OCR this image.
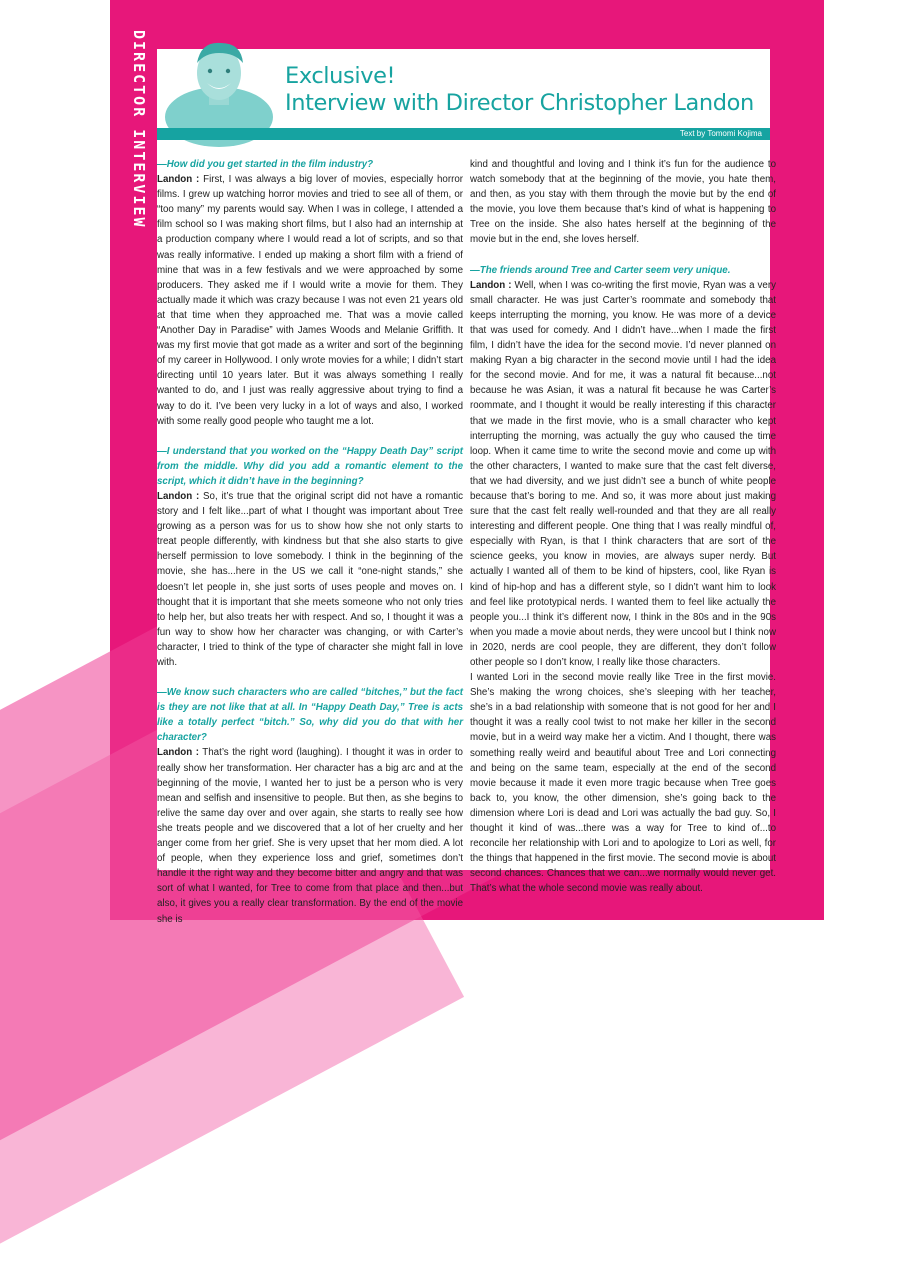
DIRECTOR INTERVIEW	Exclusive!
Interview with Director Christopher Landon
Text by Tomomi Kojima

—How did you get started in the film industry?

Landon : First, I was always a big lover of movies, especially horror films. I grew up watching horror movies and tried to see all of them, or “too many” my parents would say. When I was in college, I attended a film school so I was making short films, but I also had an internship at a production company where I would read a lot of scripts, and so that was really informative. I ended up making a short film with a friend of mine that was in a few festivals and we were approached by some producers. They asked me if I would write a movie for them. They actually made it which was crazy because I was not even 21 years old at that time when they approached me. That was a movie called “Another Day in Paradise” with James Woods and Melanie Griffith. It was my first movie that got made as a writer and sort of the beginning of my career in Hollywood. I only wrote movies for a while; I didn’t start directing until 10 years later. But it was always something I really wanted to do, and I just was really aggressive about trying to find a way to do it. I’ve been very lucky in a lot of ways and also, I worked with some really good people who taught me a lot.

—I understand that you worked on the “Happy Death Day” script from the middle. Why did you add a romantic element to the script, which it didn’t have in the beginning?

Landon : So, it’s true that the original script did not have a romantic story and I felt like...part of what I thought was important about Tree growing as a person was for us to show how she not only starts to treat people differently, with kindness but that she also starts to give herself permission to love somebody. I think in the beginning of the movie, she has...here in the US we call it “one-night stands,” she doesn’t let people in, she just sorts of uses people and moves on. I thought that it is important that she meets someone who not only tries to help her, but also treats her with respect. And so, I thought it was a fun way to show how her character was changing, or with Carter’s character, I tried to think of the type of character she might fall in love with.

—We know such characters who are called “bitches,” but the fact is they are not like that at all. In “Happy Death Day,” Tree is acts like a totally perfect “bitch.” So, why did you do that with her character?

Landon : That’s the right word (laughing). I thought it was in order to really show her transformation. Her character has a big arc and at the beginning of the movie, I wanted her to just be a person who is very mean and selfish and insensitive to people. But then, as she begins to relive the same day over and over again, she starts to really see how she treats people and we discovered that a lot of her cruelty and her anger come from her grief. She is very upset that her mom died. A lot of people, when they experience loss and grief, sometimes don’t handle it the right way and they become bitter and angry and that was sort of what I wanted, for Tree to come from that place and then...but also, it gives you a really clear transformation. By the end of the movie she is

kind and thoughtful and loving and I think it’s fun for the audience to watch somebody that at the beginning of the movie, you hate them, and then, as you stay with them through the movie but by the end of the movie, you love them because that’s kind of what is happening to Tree on the inside. She also hates herself at the beginning of the movie but in the end, she loves herself.

—The friends around Tree and Carter seem very unique.

Landon : Well, when I was co-writing the first movie, Ryan was a very small character. He was just Carter’s roommate and somebody that keeps interrupting the morning, you know. He was more of a device that was used for comedy. And I didn’t have...when I made the first film, I didn’t have the idea for the second movie. I’d never planned on making Ryan a big character in the second movie until I had the idea for the second movie. And for me, it was a natural fit because...not because he was Asian, it was a natural fit because he was Carter’s roommate, and I thought it would be really interesting if this character that we made in the first movie, who is a small character who kept interrupting the morning, was actually the guy who caused the time loop. When it came time to write the second movie and come up with the other characters, I wanted to make sure that the cast felt diverse, that we had diversity, and we just didn’t see a bunch of white people because that’s boring to me. And so, it was more about just making sure that the cast felt really well-rounded and that they are all really interesting and different people. One thing that I was really mindful of, especially with Ryan, is that I think characters that are sort of the science geeks, you know in movies, are always super nerdy. But actually I wanted all of them to be kind of hipsters, cool, like Ryan is kind of hip-hop and has a different style, so I didn’t want him to look and feel like prototypical nerds. I wanted them to feel like actually the people you...I think it’s different now, I think in the 80s and in the 90s when you made a movie about nerds, they were uncool but I think now in 2020, nerds are cool people, they are different, they don’t follow other people so I don’t know, I really like those characters.

I wanted Lori in the second movie really like Tree in the first movie. She’s making the wrong choices, she’s sleeping with her teacher, she’s in a bad relationship with someone that is not good for her and I thought it was a really cool twist to not make her killer in the second movie, but in a weird way make her a victim. And I thought, there was something really weird and beautiful about Tree and Lori connecting and being on the same team, especially at the end of the second movie because it made it even more tragic because when Tree goes back to, you know, the other dimension, she’s going back to the dimension where Lori is dead and Lori was actually the bad guy. So, I thought it kind of was...there was a way for Tree to kind of...to reconcile her relationship with Lori and to apologize to Lori as well, for the things that happened in the first movie. The second movie is about second chances. Chances that we can...we normally would never get. That’s what the whole second movie was really about.
